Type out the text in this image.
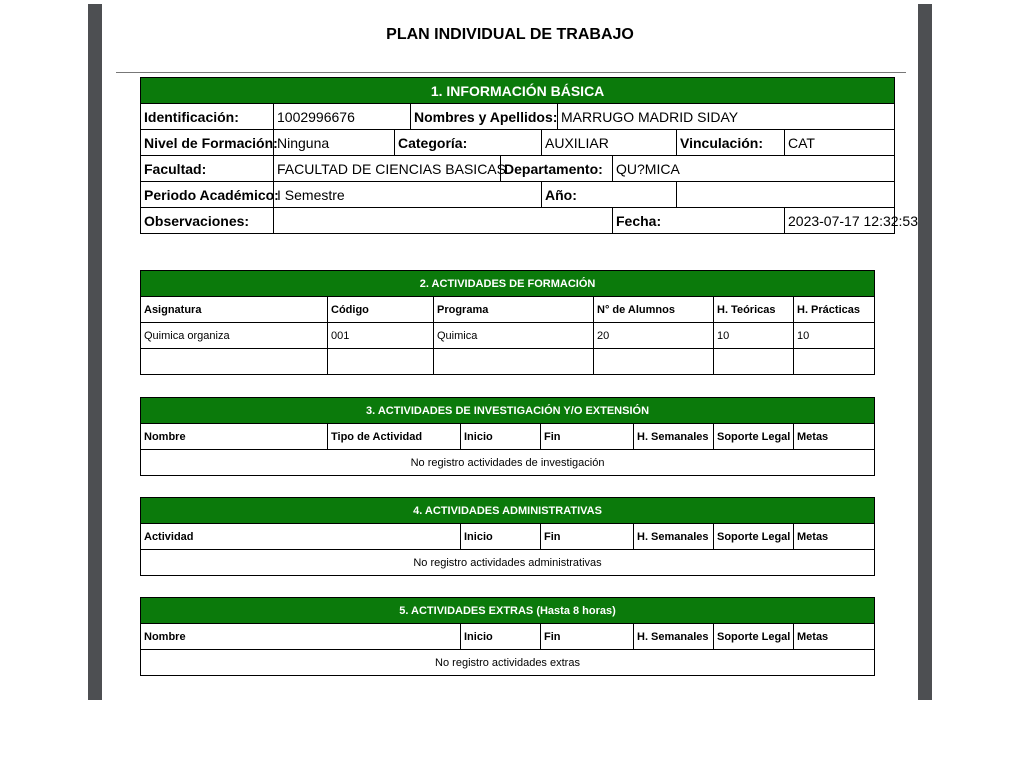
PLAN INDIVIDUAL DE TRABAJO
1. INFORMACIÓN BÁSICA									
Identificación:	1002996676		Nombres y Apellidos:			MARRUGO MADRID SIDAY			
Nivel de Formación:	Ninguna	Categoría:			AUXILIAR			Vinculación:	CAT
Facultad:	FACULTAD DE CIENCIAS BASICAS			Departamento:			QU?MICA		
Periodo Académico:	I Semestre				Año:				
Observaciones:							Fecha:		2023-07-17 12:32:53
2. ACTIVIDADES DE FORMACIÓN					
Asignatura	Código	Programa	N° de Alumnos	H. Teóricas	H. Prácticas
Quimica organiza	001	Quimica	20	10	10

3. ACTIVIDADES DE INVESTIGACIÓN Y/O EXTENSIÓN
Nombre	Tipo de Actividad	Inicio	Fin	H. Semanales	Soporte Legal	Metas
No registro actividades de investigación
4. ACTIVIDADES ADMINISTRATIVAS
Actividad	Inicio	Fin	H. Semanales	Soporte Legal	Metas
No registro actividades administrativas
5. ACTIVIDADES EXTRAS (Hasta 8 horas)
Nombre	Inicio	Fin	H. Semanales	Soporte Legal	Metas
No registro actividades extras
